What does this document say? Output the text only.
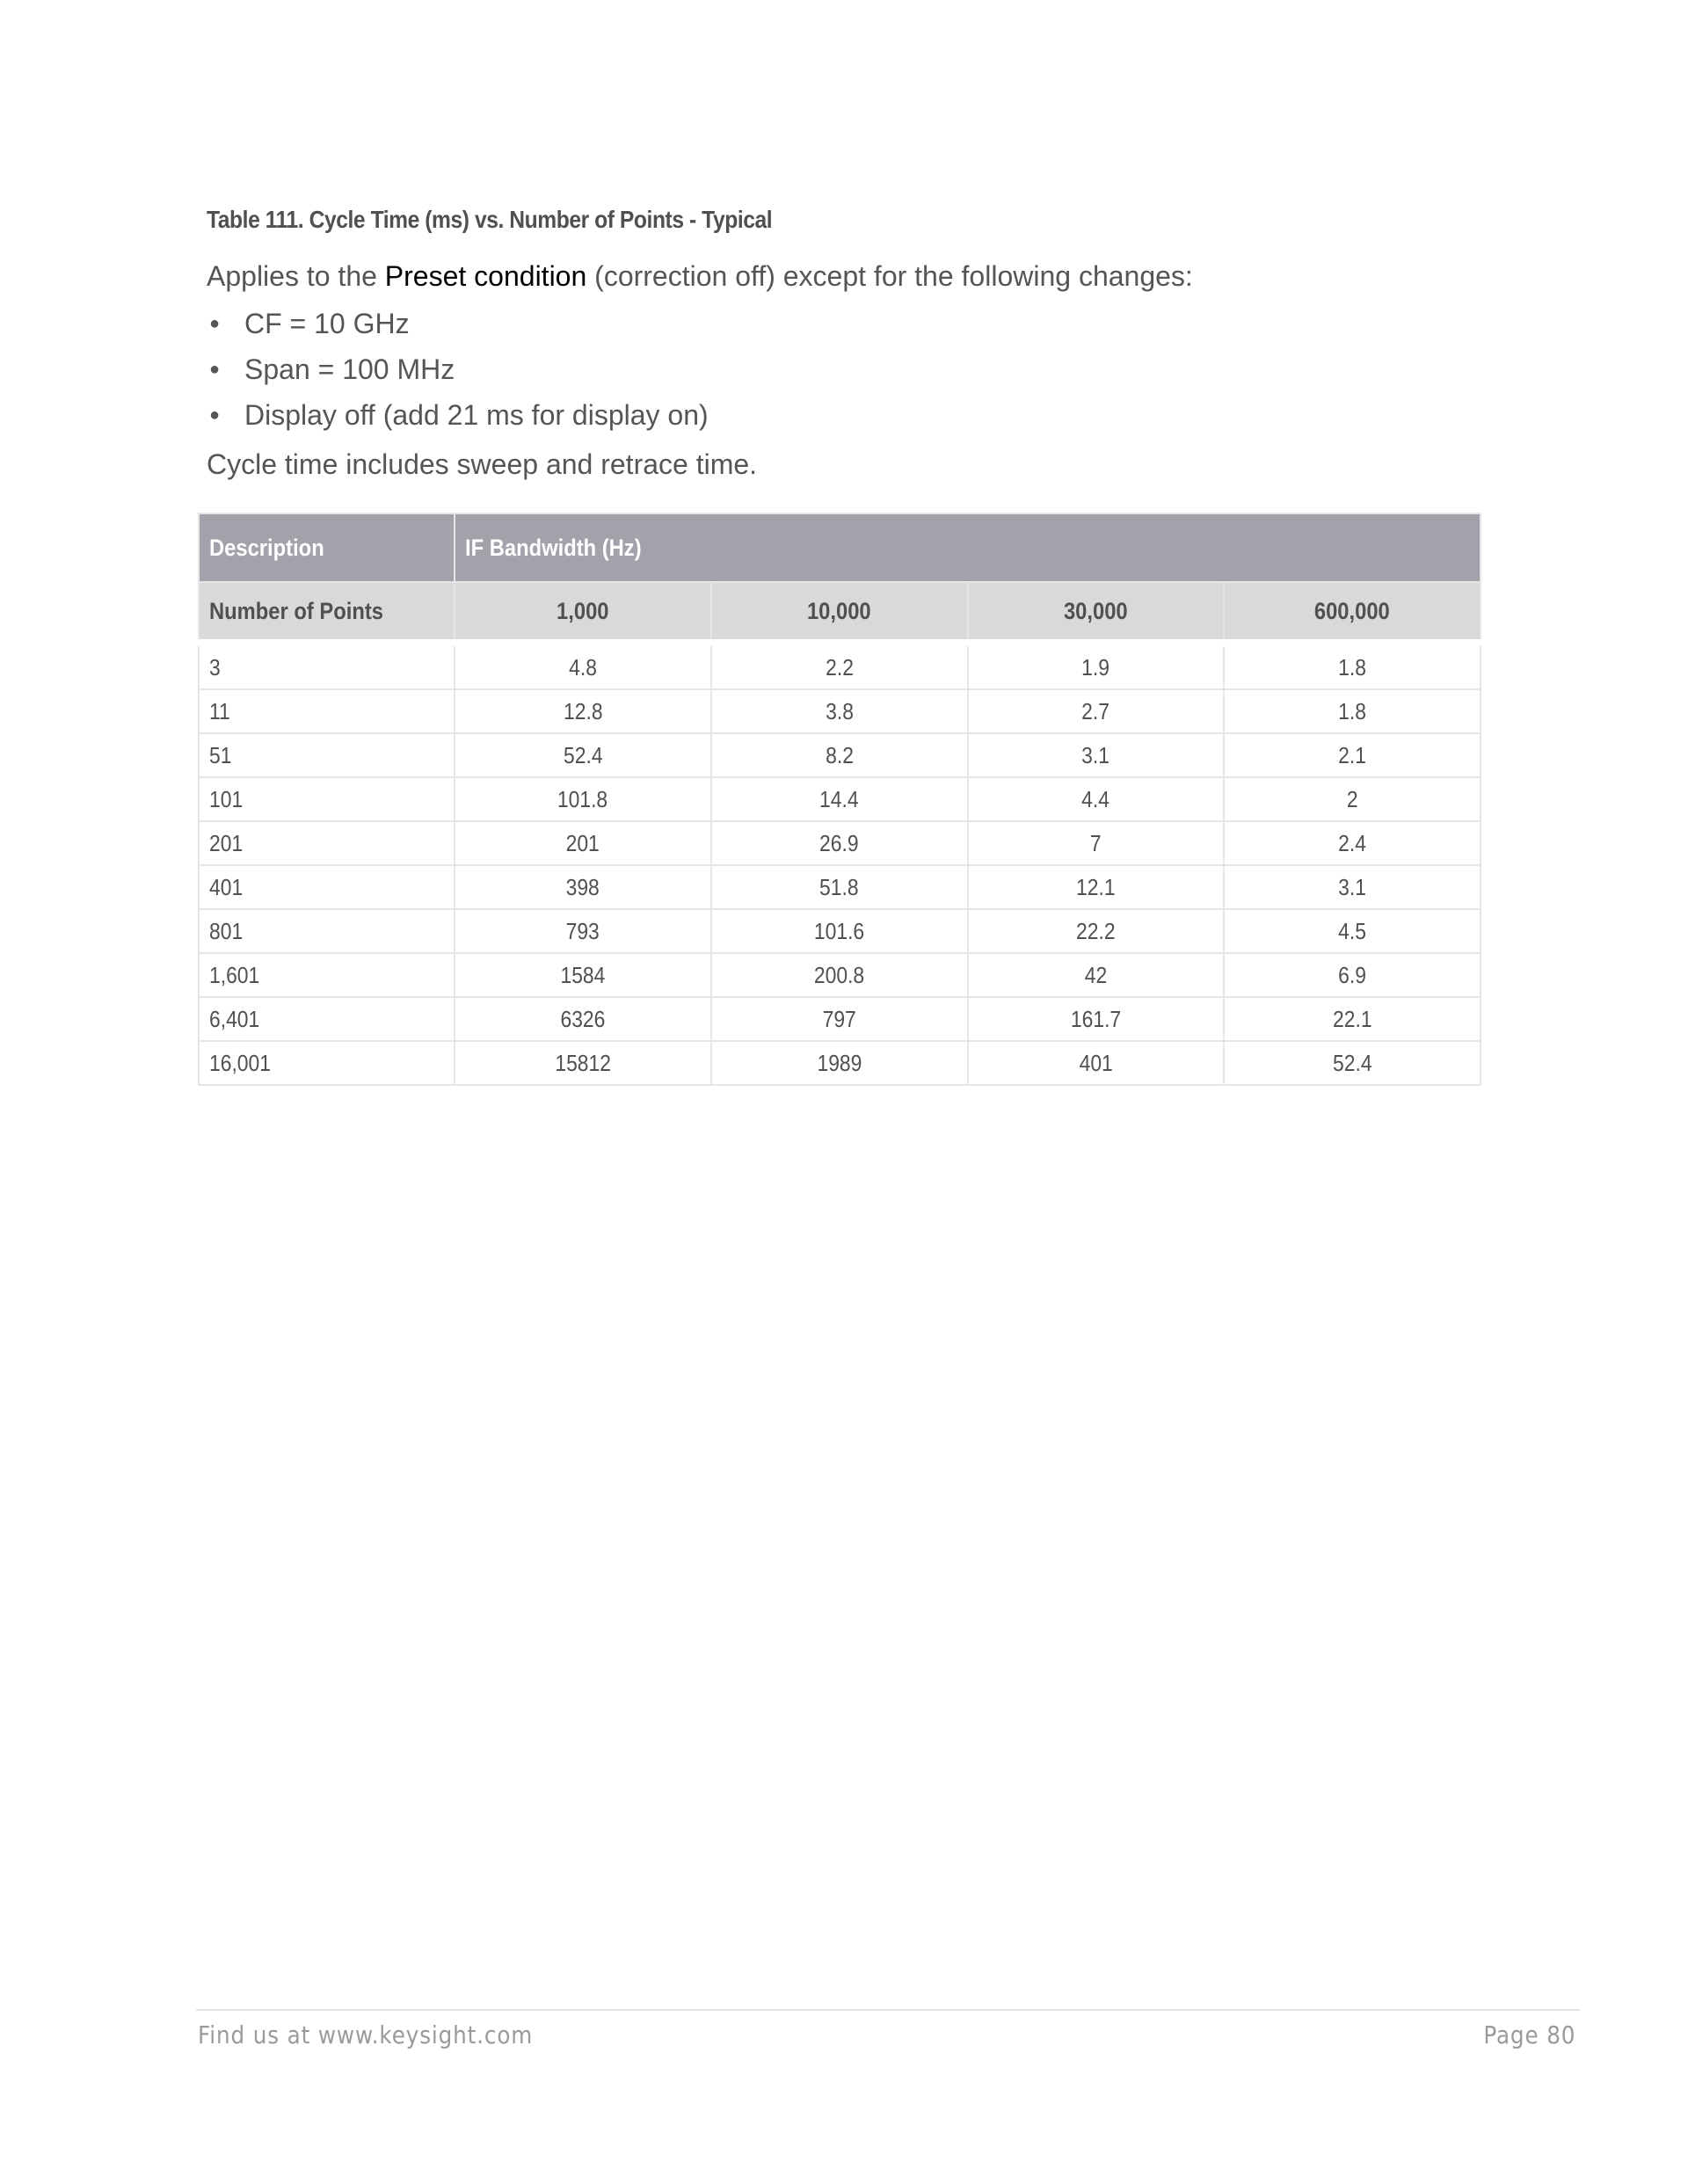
Table 111. Cycle Time (ms) vs. Number of Points - Typical

Applies to the Preset condition (correction off) except for the following changes:

● CF = 10 GHz
● Span = 100 MHz
● Display off (add 21 ms for display on)

Cycle time includes sweep and retrace time.

Description	IF Bandwidth (Hz)			
Number of Points	1,000	10,000	30,000	600,000
3	4.8	2.2	1.9	1.8
11	12.8	3.8	2.7	1.8
51	52.4	8.2	3.1	2.1
101	101.8	14.4	4.4	2
201	201	26.9	7	2.4
401	398	51.8	12.1	3.1
801	793	101.6	22.2	4.5
1,601	1584	200.8	42	6.9
6,401	6326	797	161.7	22.1
16,001	15812	1989	401	52.4
Find us at www.keysight.com	Page 80
